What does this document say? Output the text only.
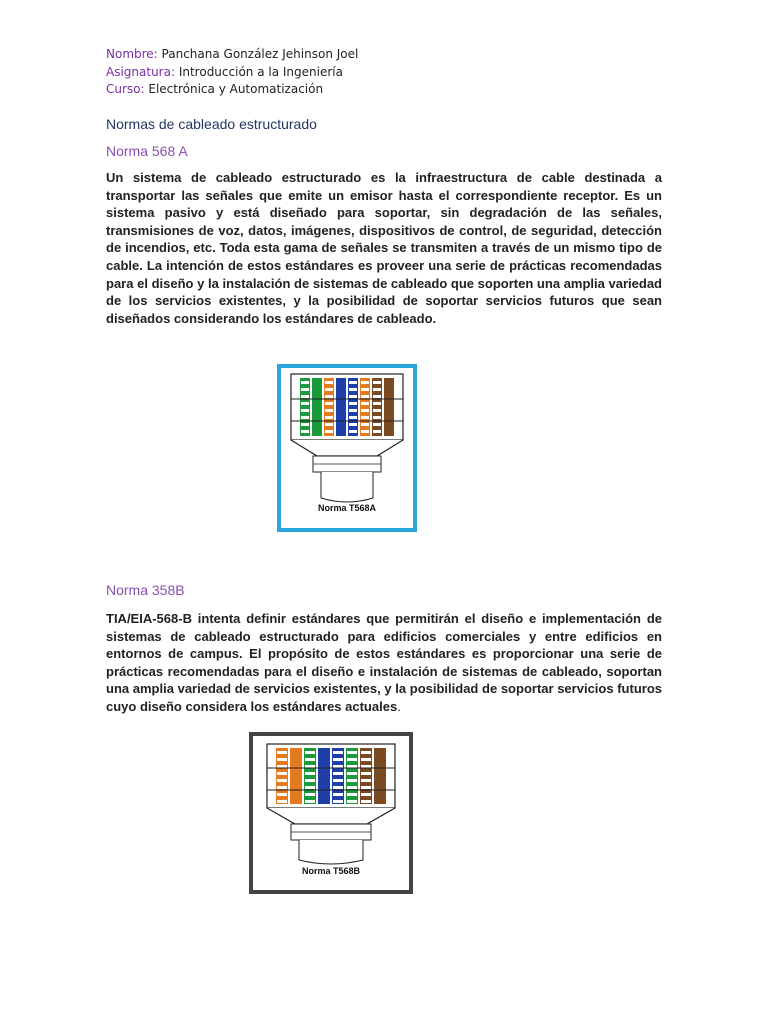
Nombre: Panchana González Jehinson Joel
Asignatura: Introducción a la Ingeniería
Curso: Electrónica y Automatización
Normas de cableado estructurado
Norma 568 A
Un sistema de cableado estructurado es la infraestructura de cable destinada a transportar las señales que emite un emisor hasta el correspondiente receptor. Es un sistema pasivo y está diseñado para soportar, sin degradación de las señales, transmisiones de voz, datos, imágenes, dispositivos de control, de seguridad, detección de incendios, etc. Toda esta gama de señales se transmiten a través de un mismo tipo de cable. La intención de estos estándares es proveer una serie de prácticas recomendadas para el diseño y la instalación de sistemas de cableado que soporten una amplia variedad de los servicios existentes, y la posibilidad de soportar servicios futuros que sean diseñados considerando los estándares de cableado.
Norma T568A
Norma 358B
TIA/EIA-568-B intenta definir estándares que permitirán el diseño e implementación de sistemas de cableado estructurado para edificios comerciales y entre edificios en entornos de campus. El propósito de estos estándares es proporcionar una serie de prácticas recomendadas para el diseño e instalación de sistemas de cableado, soportan una amplia variedad de servicios existentes, y la posibilidad de soportar servicios futuros cuyo diseño considera los estándares actuales.
Norma T568B
